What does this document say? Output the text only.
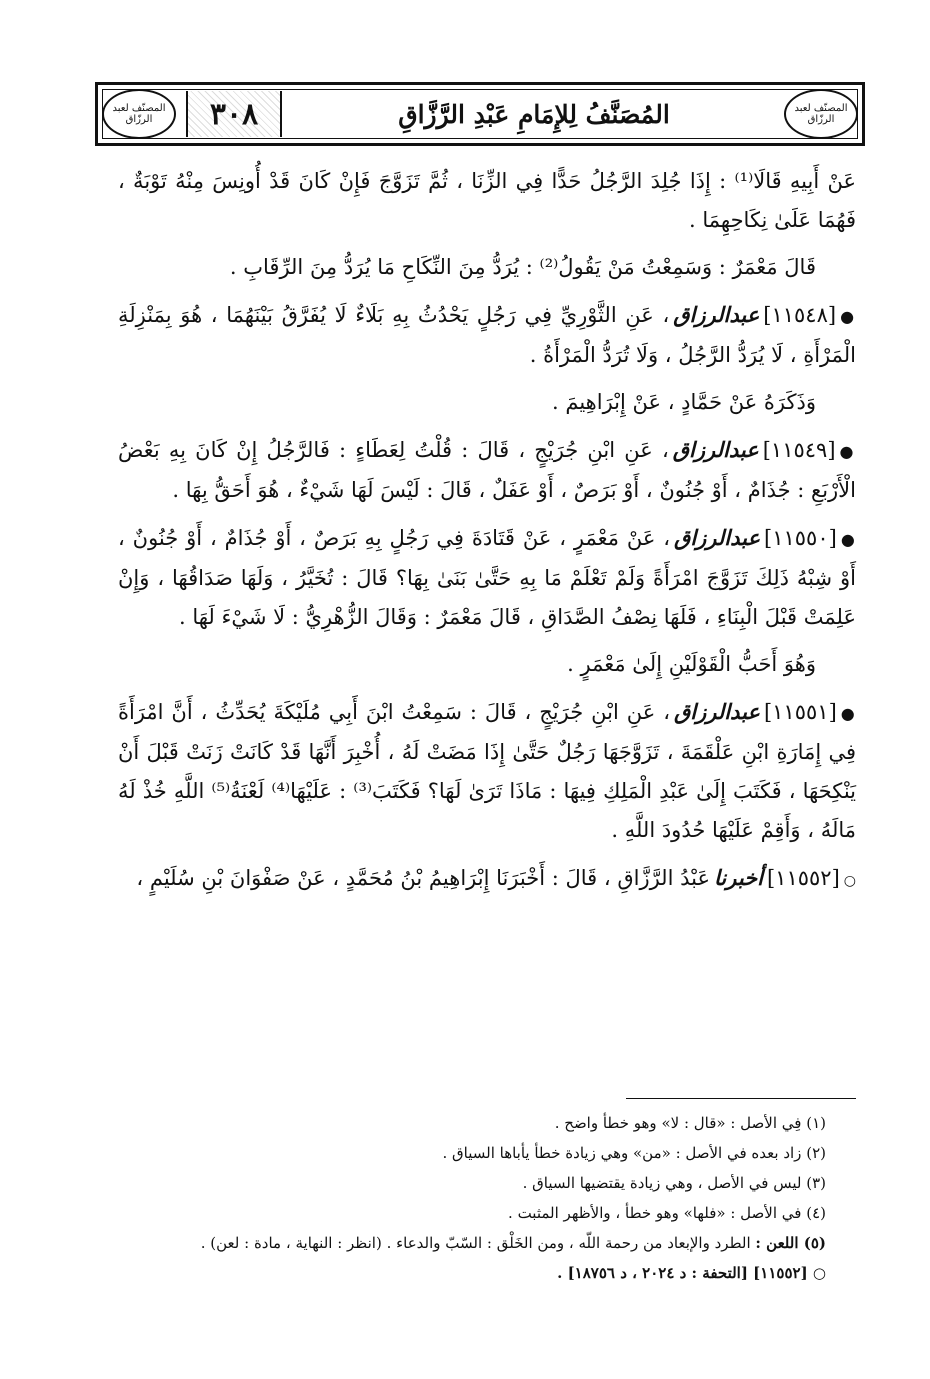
المصنّف لعبد الرزّاق	٣٠٨	المُصَنَّفُ لِلإِمَامِ عَبْدِ الرَّزَّاقِ	المصنّف لعبد الرزّاق

عَنْ أَبِيهِ قَالَا⁽¹⁾ : إِذَا جُلِدَ الرَّجُلُ حَدًّا فِي الزِّنَا ، ثُمَّ تَزَوَّجَ فَإِنْ كَانَ قَدْ أُونِسَ مِنْهُ تَوْبَةٌ ، فَهُمَا عَلَىٰ نِكَاحِهِمَا .

قَالَ مَعْمَرٌ : وَسَمِعْتُ مَنْ يَقُولُ⁽²⁾ : يُرَدُّ مِنَ النِّكَاحِ مَا يُرَدُّ مِنَ الرِّقَابِ .

●[١١٥٤٨]عبدالرزاق، عَنِ الثَّوْرِيِّ فِي رَجُلٍ يَحْدُثُ بِهِ بَلَاءٌ لَا يُفَرَّقُ بَيْنَهُمَا ، هُوَ بِمَنْزِلَةِ الْمَرْأَةِ ، لَا يُرَدُّ الرَّجُلُ ، وَلَا تُرَدُّ الْمَرْأَةُ .

وَذَكَرَهُ عَنْ حَمَّادٍ ، عَنْ إِبْرَاهِيمَ .

●[١١٥٤٩]عبدالرزاق، عَنِ ابْنِ جُرَيْجٍ ، قَالَ : قُلْتُ لِعَطَاءٍ : فَالرَّجُلُ إِنْ كَانَ بِهِ بَعْضُ الْأَرْبَعِ : جُذَامٌ ، أَوْ جُنُونٌ ، أَوْ بَرَصٌ ، أَوْ عَفَلٌ ، قَالَ : لَيْسَ لَهَا شَيْءٌ ، هُوَ أَحَقُّ بِهَا .

●[١١٥٥٠]عبدالرزاق، عَنْ مَعْمَرٍ ، عَنْ قَتَادَةَ فِي رَجُلٍ بِهِ بَرَصٌ ، أَوْ جُذَامٌ ، أَوْ جُنُونٌ ، أَوْ شِبْهُ ذَلِكَ تَزَوَّجَ امْرَأَةً وَلَمْ تَعْلَمْ مَا بِهِ حَتَّىٰ بَنَىٰ بِهَا؟ قَالَ : تُخَيَّرُ ، وَلَهَا صَدَاقُهَا ، وَإِنْ عَلِمَتْ قَبْلَ الْبِنَاءِ ، فَلَهَا نِصْفُ الصَّدَاقِ ، قَالَ مَعْمَرٌ : وَقَالَ الزُّهْرِيُّ : لَا شَيْءَ لَهَا .

وَهُوَ أَحَبُّ الْقَوْلَيْنِ إِلَىٰ مَعْمَرٍ .

●[١١٥٥١]عبدالرزاق، عَنِ ابْنِ جُرَيْجٍ ، قَالَ : سَمِعْتُ ابْنَ أَبِي مُلَيْكَةَ يُحَدِّثُ ، أَنَّ امْرَأَةً فِي إِمَارَةِ ابْنِ عَلْقَمَةَ ، تَزَوَّجَهَا رَجُلٌ حَتَّىٰ إِذَا مَضَتْ لَهُ ، أُخْبِرَ أَنَّهَا قَدْ كَانَتْ زَنَتْ قَبْلَ أَنْ يَنْكِحَهَا ، فَكَتَبَ إِلَىٰ عَبْدِ الْمَلِكِ فِيهَا : مَاذَا تَرَىٰ لَهَا؟ فَكَتَبَ⁽³⁾ : عَلَيْهَا⁽⁴⁾ لَعْنَةُ⁽⁵⁾ اللَّهِ خُذْ لَهُ مَالَهُ ، وَأَقِمْ عَلَيْهَا حُدُودَ اللَّهِ .

○[١١٥٥٢]أخبرناعَبْدُ الرَّزَّاقِ ، قَالَ : أَخْبَرَنَا إِبْرَاهِيمُ بْنُ مُحَمَّدٍ ، عَنْ صَفْوَانَ بْنِ سُلَيْمٍ ،

(١) فِي الأصل : «قال : لا» وهو خطأ واضح .

(٢) زاد بعده في الأصل : «من» وهي زيادة خطأ يأباها السياق .

(٣) ليس في الأصل ، وهي زيادة يقتضيها السياق .

(٤) في الأصل : «فلها» وهو خطأ ، والأظهر المثبت .

(٥) اللعن : الطرد والإبعاد من رحمة اللّه ، ومن الخَلْق : السّبّ والدعاء . (انظر : النهاية ، مادة : لعن) .

○ [١١٥٥٢] [التحفة : د ٢٠٢٤ ، د ١٨٧٥٦] .
